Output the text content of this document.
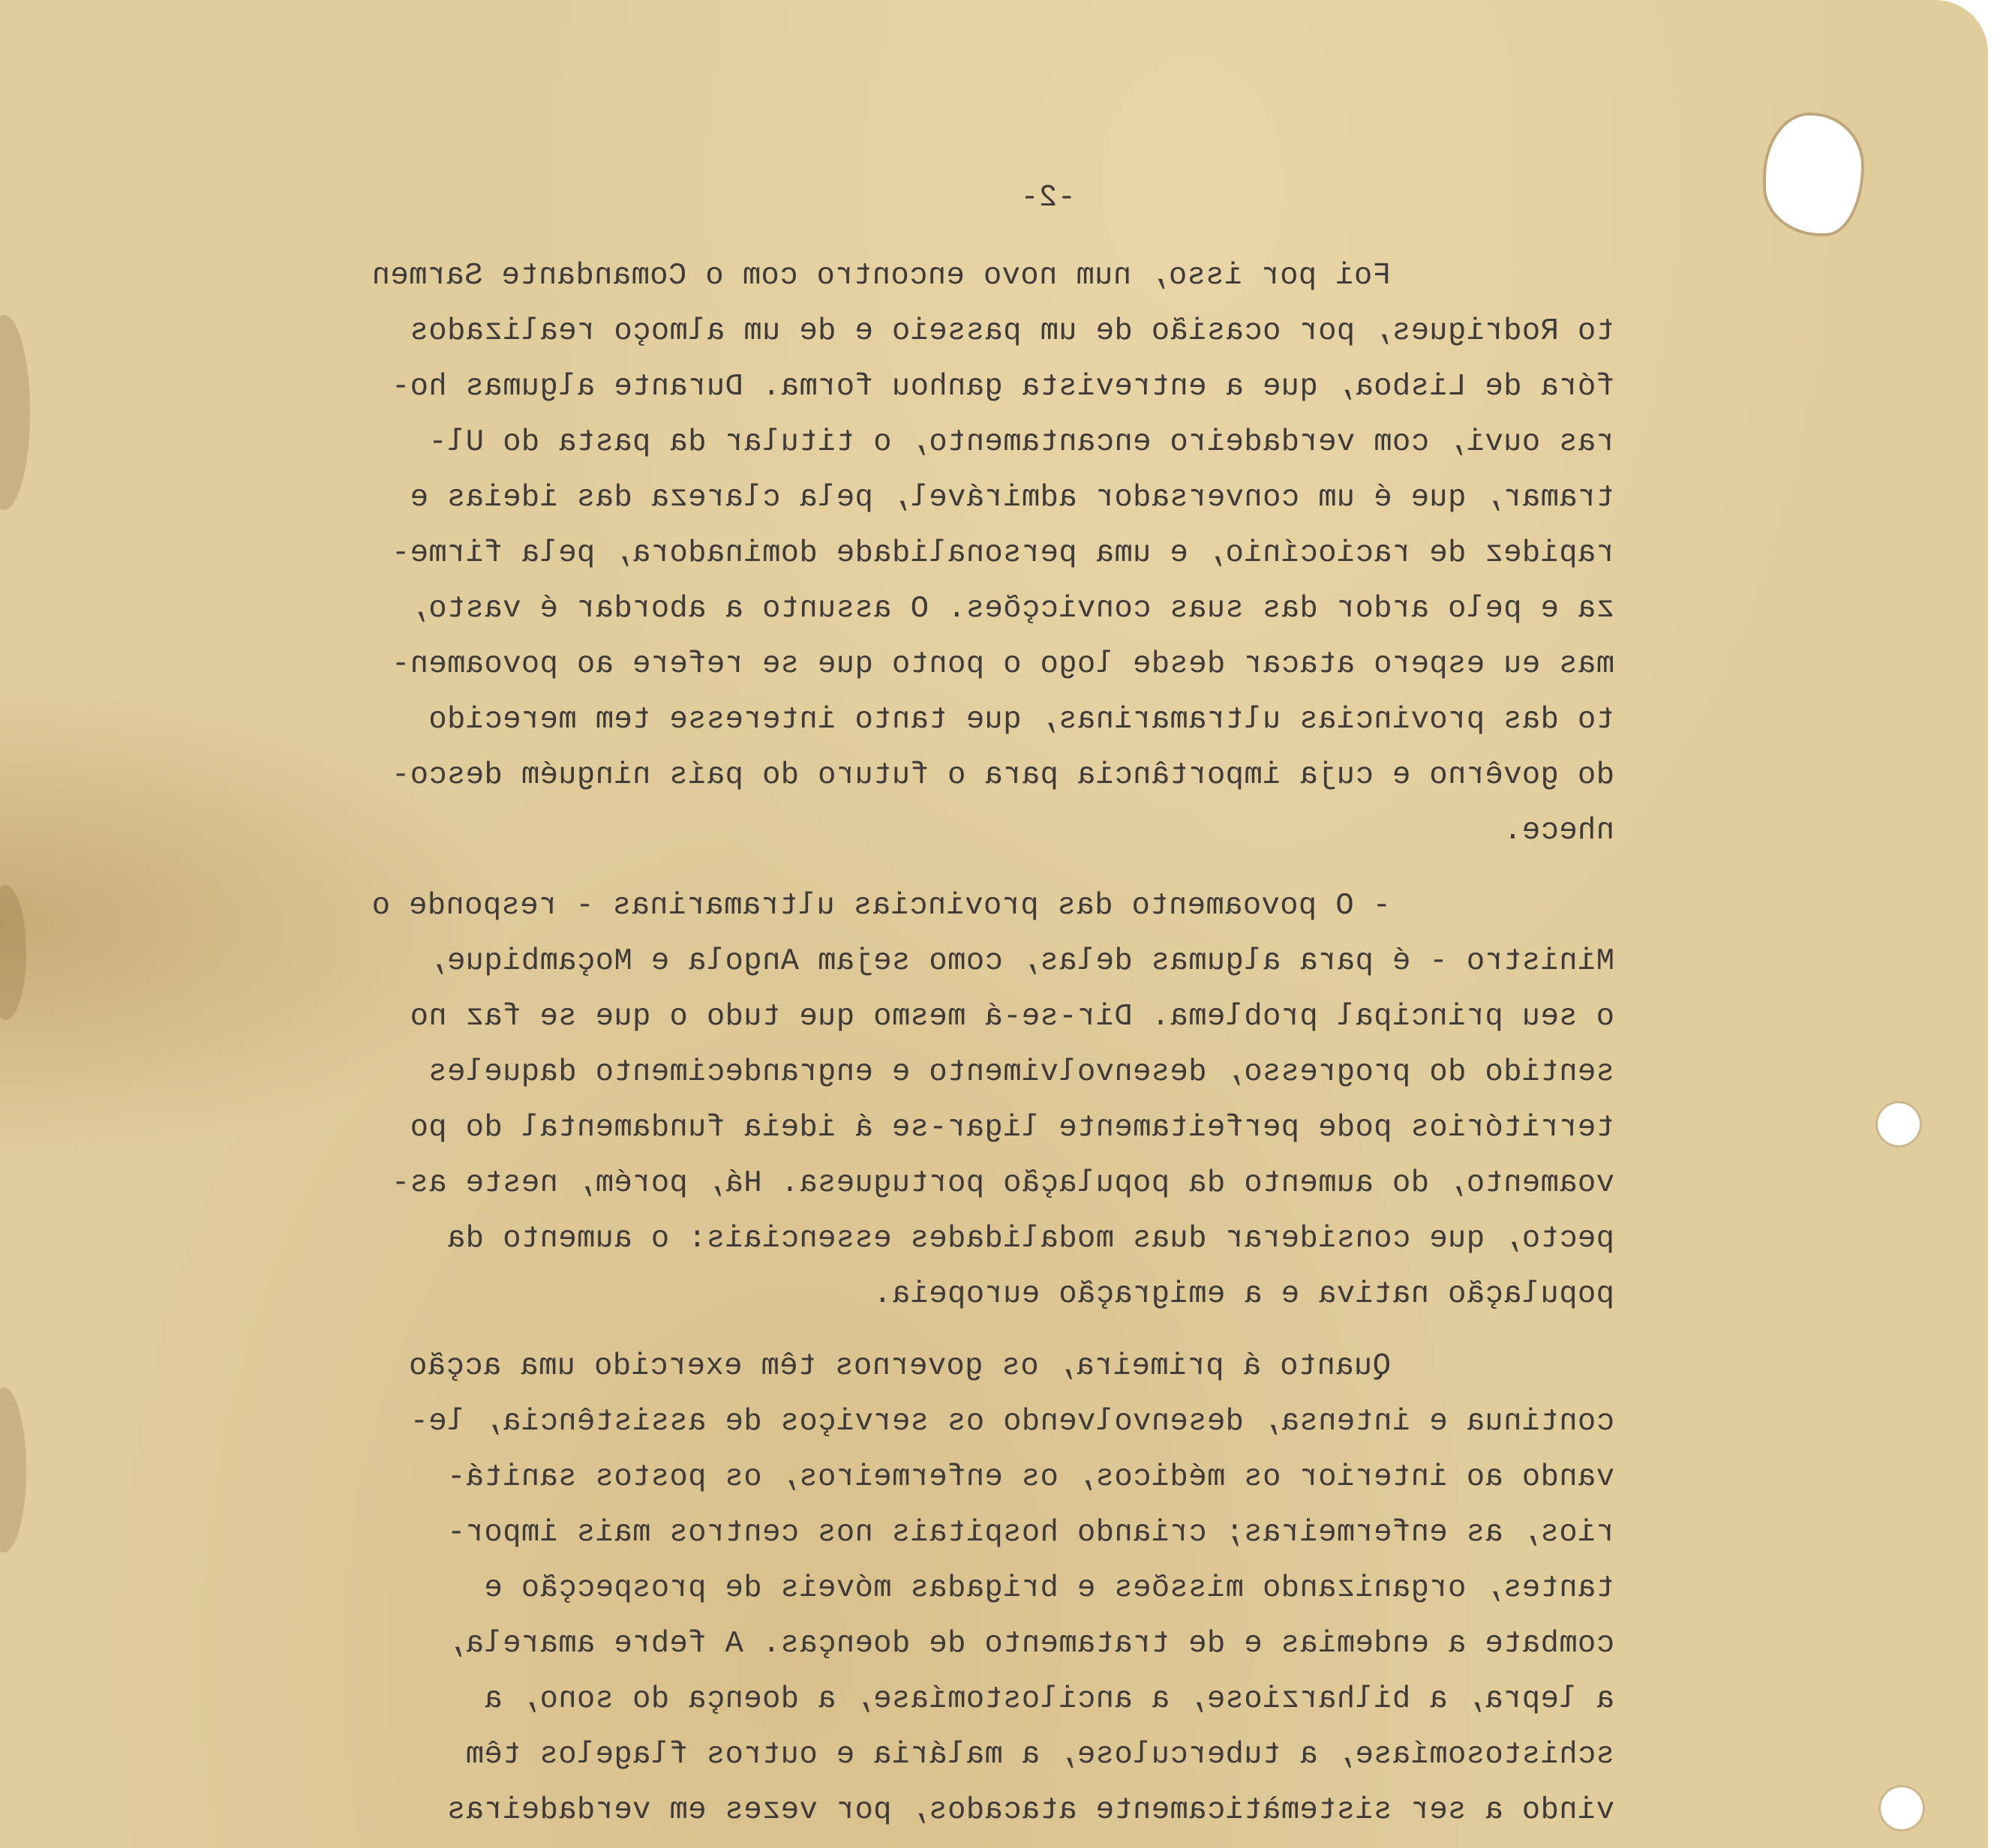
-2-

Foi por isso, num novo encontro com o Comandante Sarmen

to Rodrigues, por ocasião de um passeio e de um almoço realizados

fóra de Lisboa, que a entrevista ganhou forma. Durante algumas ho-

ras ouvi, com verdadeiro encantamento, o titular da pasta do Ul-

tramar, que é um conversador admirável, pela clareza das ideias e

rapidez de raciocínio, e uma personalidade dominadora, pela firme-

za e pelo ardor das suas convicções. O assunto a abordar é vasto,

mas eu espero atacar desde logo o ponto que se refere ao povoamen-

to das provincias ultramarinas, que tanto interesse tem merecido

do govêrno e cuja importância para o futuro do país ninguém desco-

nhece.

- O povoamento das provincias ultramarinas - responde o

Ministro - é para algumas delas, como sejam Angola e Moçambique,

o seu principal problema. Dir-se-á mesmo que tudo o que se faz no

sentido do progresso, desenvolvimento e engrandecimento daqueles

territórios pode perfeitamente ligar-se á ideia fundamental do po

voamento, do aumento da população portuguesa. Há, porém, neste as-

pecto, que considerar duas modalidades essenciais: o aumento da

população nativa e a emigração europeia.

Quanto á primeira, os governos têm exercido uma acção

continua e intensa, desenvolvendo os serviços de assistência, le-

vando ao interior os médicos, os enfermeiros, os postos sanitá-

rios, as enfermeiras; criando hospitais nos centros mais impor-

tantes, organizando missões e brigadas móveis de prospecção e

combate a endemias e de tratamento de doenças. A febre amarela,

a lepra, a bilharziose, a ancilostomíase, a doença do sono, a

schistosomíase, a tuberculose, a malária e outros flagelos têm

vindo a ser sistemàticamente atacados, por vezes em verdadeiras
